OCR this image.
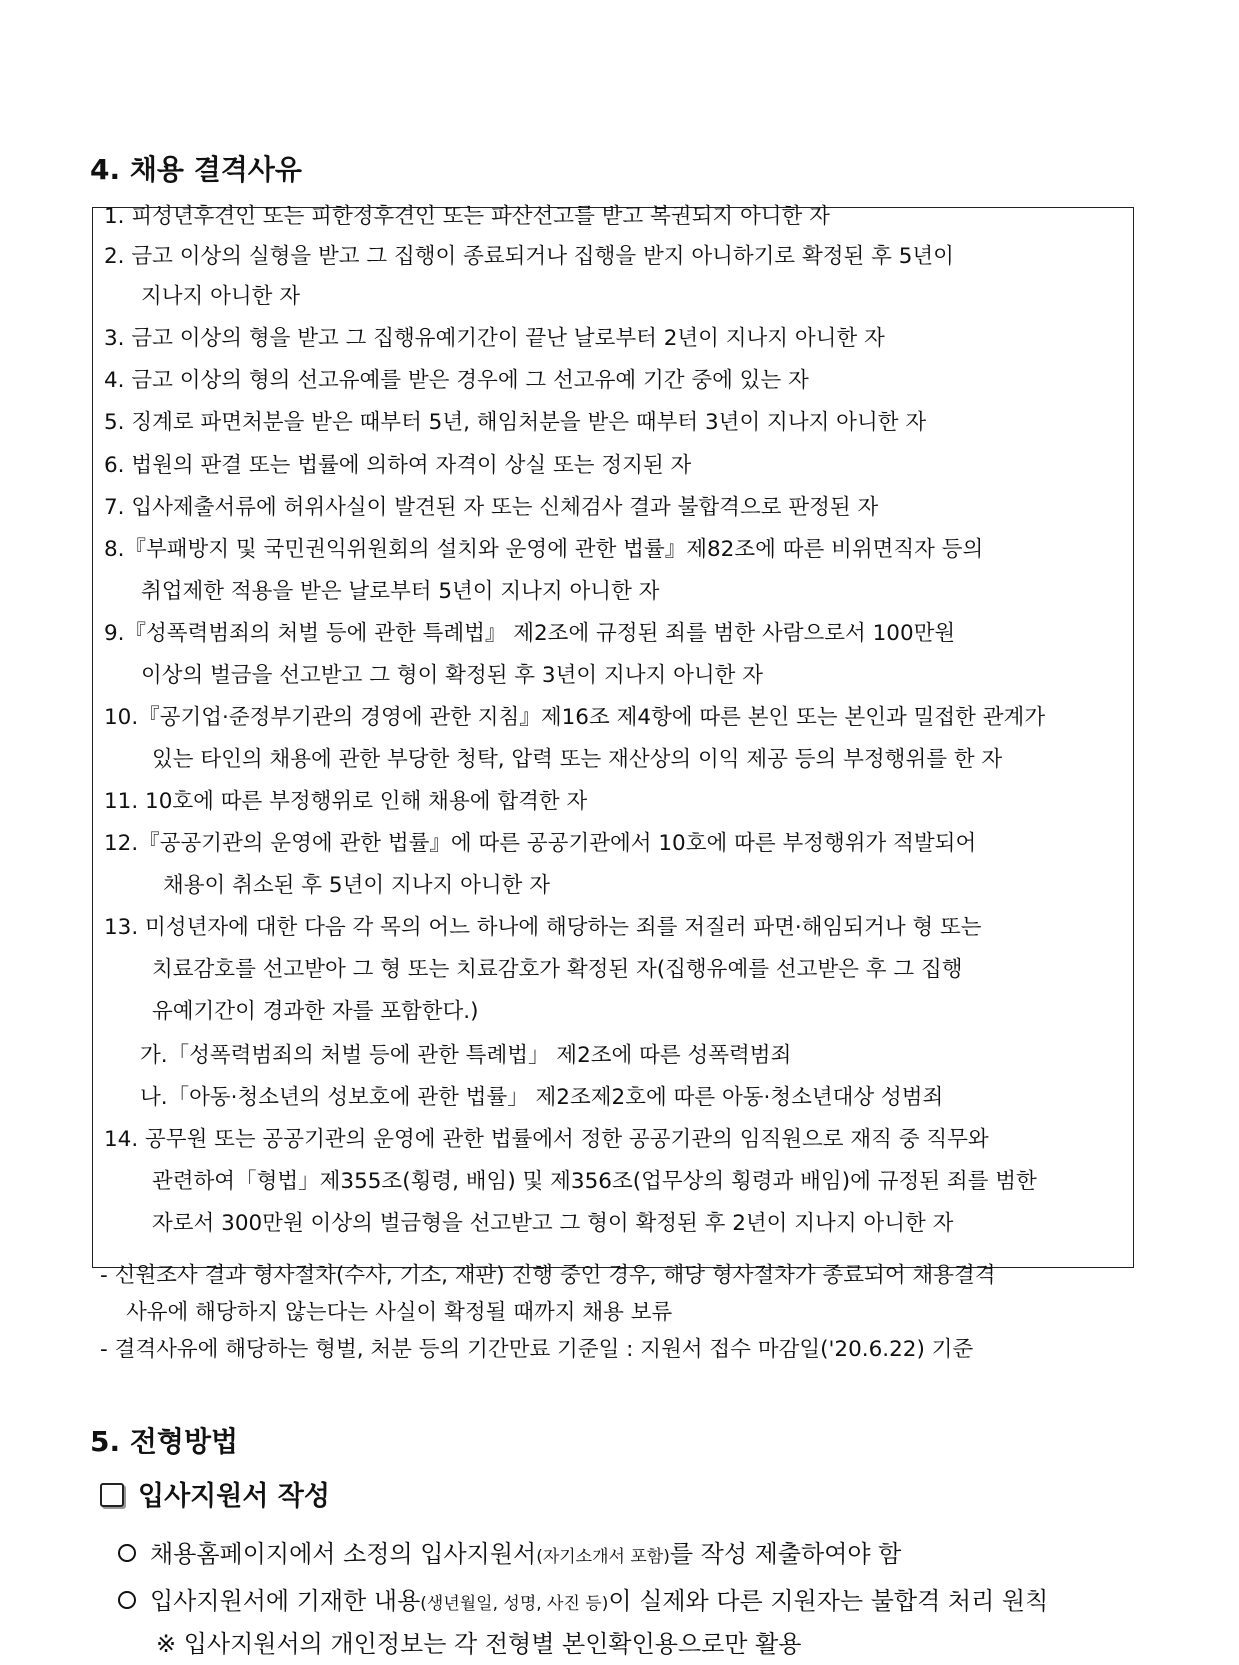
4. 채용 결격사유
1. 피성년후견인 또는 피한정후견인 또는 파산선고를 받고 복권되지 아니한 자
2. 금고 이상의 실형을 받고 그 집행이 종료되거나 집행을 받지 아니하기로 확정된 후 5년이
지나지 아니한 자
3. 금고 이상의 형을 받고 그 집행유예기간이 끝난 날로부터 2년이 지나지 아니한 자
4. 금고 이상의 형의 선고유예를 받은 경우에 그 선고유예 기간 중에 있는 자
5. 징계로 파면처분을 받은 때부터 5년, 해임처분을 받은 때부터 3년이 지나지 아니한 자
6. 법원의 판결 또는 법률에 의하여 자격이 상실 또는 정지된 자
7. 입사제출서류에 허위사실이 발견된 자 또는 신체검사 결과 불합격으로 판정된 자
8.『부패방지 및 국민권익위원회의 설치와 운영에 관한 법률』제82조에 따른 비위면직자 등의
취업제한 적용을 받은 날로부터 5년이 지나지 아니한 자
9.『성폭력범죄의 처벌 등에 관한 특례법』 제2조에 규정된 죄를 범한 사람으로서 100만원
이상의 벌금을 선고받고 그 형이 확정된 후 3년이 지나지 아니한 자
10.『공기업·준정부기관의 경영에 관한 지침』제16조 제4항에 따른 본인 또는 본인과 밀접한 관계가
있는 타인의 채용에 관한 부당한 청탁, 압력 또는 재산상의 이익 제공 등의 부정행위를 한 자
11. 10호에 따른 부정행위로 인해 채용에 합격한 자
12.『공공기관의 운영에 관한 법률』에 따른 공공기관에서 10호에 따른 부정행위가 적발되어
채용이 취소된 후 5년이 지나지 아니한 자
13. 미성년자에 대한 다음 각 목의 어느 하나에 해당하는 죄를 저질러 파면·해임되거나 형 또는
치료감호를 선고받아 그 형 또는 치료감호가 확정된 자(집행유예를 선고받은 후 그 집행
유예기간이 경과한 자를 포함한다.)
가.「성폭력범죄의 처벌 등에 관한 특례법」 제2조에 따른 성폭력범죄
나.「아동·청소년의 성보호에 관한 법률」 제2조제2호에 따른 아동·청소년대상 성범죄
14. 공무원 또는 공공기관의 운영에 관한 법률에서 정한 공공기관의 임직원으로 재직 중 직무와
관련하여「형법」제355조(횡령, 배임) 및 제356조(업무상의 횡령과 배임)에 규정된 죄를 범한
자로서 300만원 이상의 벌금형을 선고받고 그 형이 확정된 후 2년이 지나지 아니한 자
- 신원조사 결과 형사절차(수사, 기소, 재판) 진행 중인 경우, 해당 형사절차가 종료되어 채용결격
사유에 해당하지 않는다는 사실이 확정될 때까지 채용 보류
- 결격사유에 해당하는 형벌, 처분 등의 기간만료 기준일 : 지원서 접수 마감일('20.6.22) 기준
5. 전형방법
입사지원서 작성
채용홈페이지에서 소정의 입사지원서(자기소개서 포함)를 작성 제출하여야 함
입사지원서에 기재한 내용(생년월일, 성명, 사진 등)이 실제와 다른 지원자는 불합격 처리 원칙
※ 입사지원서의 개인정보는 각 전형별 본인확인용으로만 활용
